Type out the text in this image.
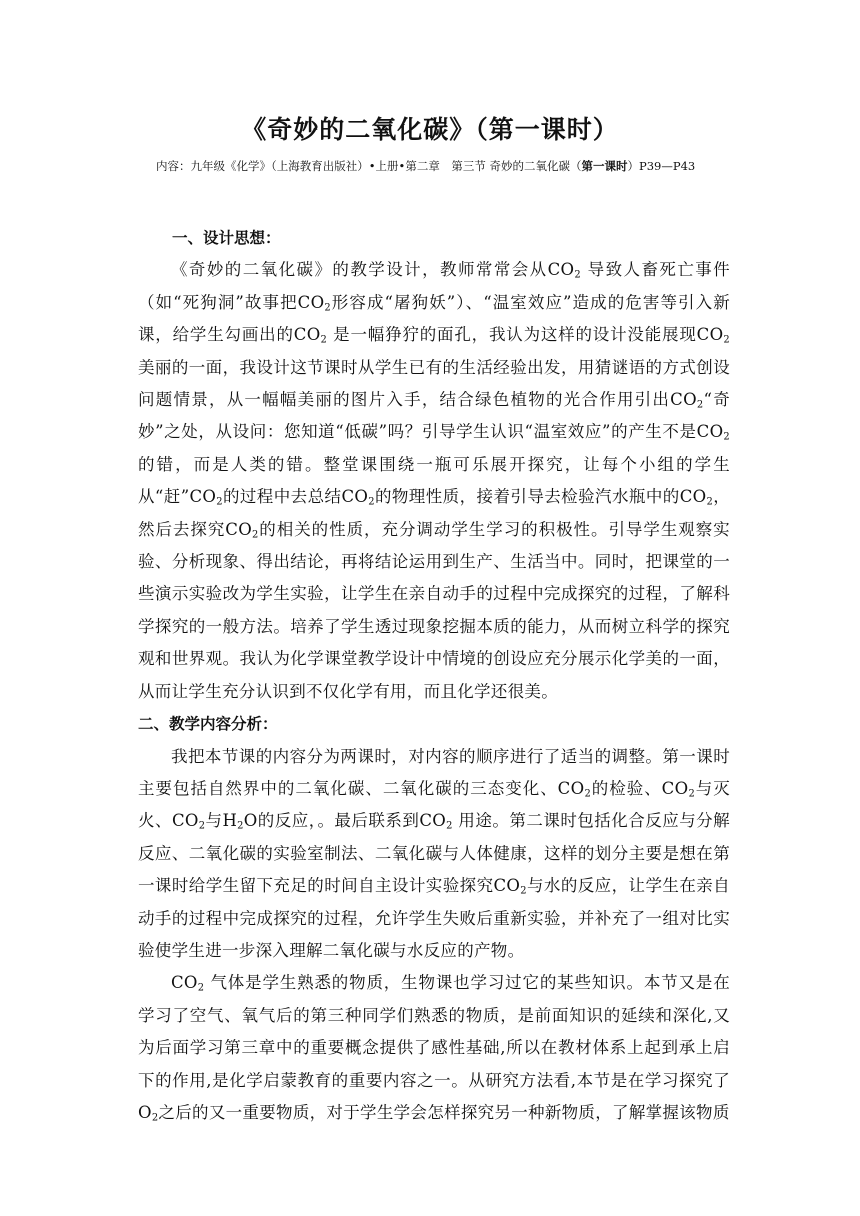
《奇妙的二氧化碳》（第一课时）

内容：九年级《化学》（上海教育出版社）•上册•第二章　第三节 奇妙的二氧化碳（第一课时）P39—P43

一、设计思想：

《奇妙的二氧化碳》的教学设计，教师常常会从$CO_2$ 导致人畜死亡事件（如“死狗洞”故事把$CO_2$形容成“屠狗妖”）、“温室效应”造成的危害等引入新课，给学生勾画出的$CO_2$ 是一幅狰狞的面孔，我认为这样的设计没能展现$CO_2$美丽的一面，我设计这节课时从学生已有的生活经验出发，用猜谜语的方式创设问题情景，从一幅幅美丽的图片入手，结合绿色植物的光合作用引出$CO_2“$奇妙”之处，从设问：您知道“低碳”吗？引导学生认识“温室效应”的产生不是$CO_2$的错，而是人类的错。整堂课围绕一瓶可乐展开探究，让每个小组的学生从“赶$”CO_2$的过程中去总结$CO_2$的物理性质，接着引导去检验汽水瓶中的$CO_2$，然后去探究$CO_2$的相关的性质，充分调动学生学习的积极性。引导学生观察实验、分析现象、得出结论，再将结论运用到生产、生活当中。同时，把课堂的一些演示实验改为学生实验，让学生在亲自动手的过程中完成探究的过程，了解科学探究的一般方法。培养了学生透过现象挖掘本质的能力，从而树立科学的探究观和世界观。我认为化学课堂教学设计中情境的创设应充分展示化学美的一面，从而让学生充分认识到不仅化学有用，而且化学还很美。

二、教学内容分析：

我把本节课的内容分为两课时，对内容的顺序进行了适当的调整。第一课时主要包括自然界中的二氧化碳、二氧化碳的三态变化、$CO_2$的检验、$CO_2$与灭火、$CO_2$与$H_2O$的反应，。最后联系到$CO_2$ 用途。第二课时包括化合反应与分解反应、二氧化碳的实验室制法、二氧化碳与人体健康，这样的划分主要是想在第一课时给学生留下充足的时间自主设计实验探究$CO_2$与水的反应，让学生在亲自动手的过程中完成探究的过程，允许学生失败后重新实验，并补充了一组对比实验使学生进一步深入理解二氧化碳与水反应的产物。

$CO_2$ 气体是学生熟悉的物质，生物课也学习过它的某些知识。本节又是在学习了空气、氧气后的第三种同学们熟悉的物质，是前面知识的延续和深化,又为后面学习第三章中的重要概念提供了感性基础,所以在教材体系上起到承上启下的作用,是化学启蒙教育的重要内容之一。从研究方法看,本节是在学习探究了$O_2$之后的又一重要物质，对于学生学会怎样探究另一种新物质，了解掌握该物质
